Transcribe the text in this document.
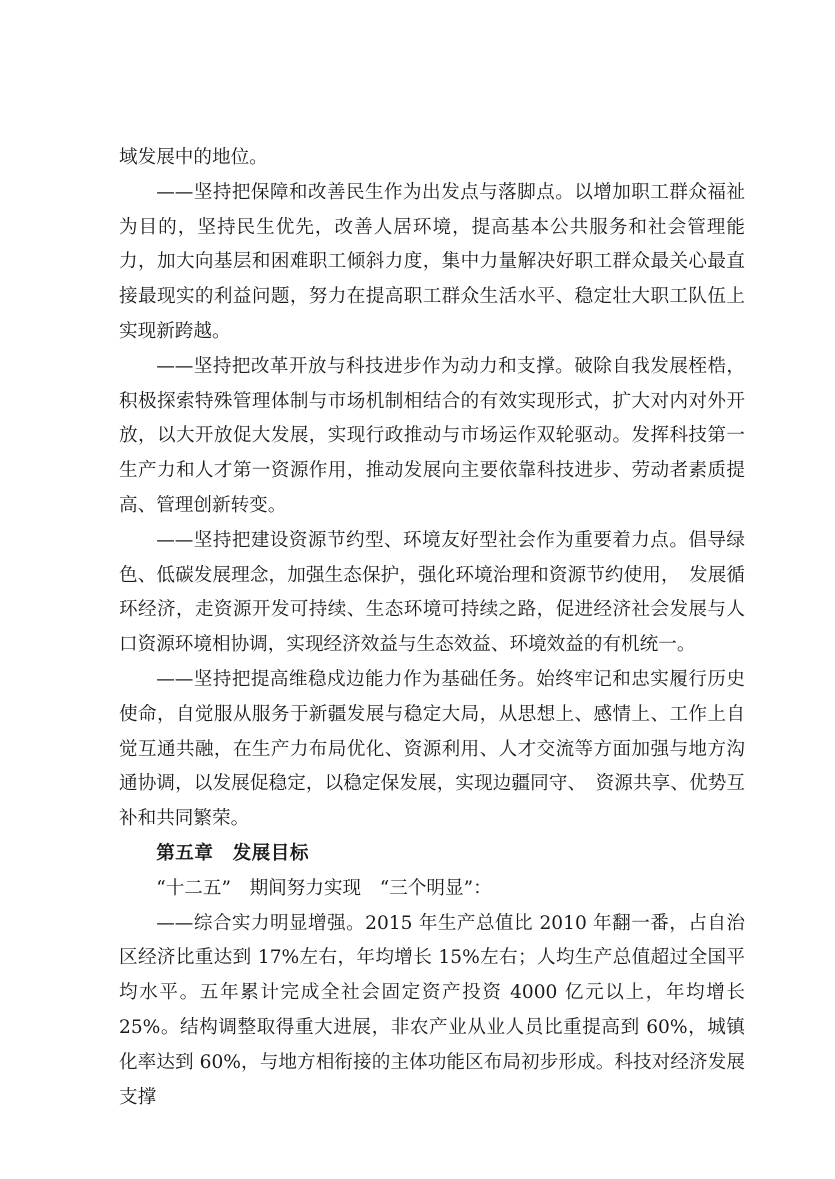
域发展中的地位。

——坚持把保障和改善民生作为出发点与落脚点。以增加职工群众福祉为目的，坚持民生优先，改善人居环境，提高基本公共服务和社会管理能力，加大向基层和困难职工倾斜力度，集中力量解决好职工群众最关心最直接最现实的利益问题，努力在提高职工群众生活水平、稳定壮大职工队伍上实现新跨越。

——坚持把改革开放与科技进步作为动力和支撑。破除自我发展桎梏，积极探索特殊管理体制与市场机制相结合的有效实现形式，扩大对内对外开放，以大开放促大发展，实现行政推动与市场运作双轮驱动。发挥科技第一生产力和人才第一资源作用，推动发展向主要依靠科技进步、劳动者素质提高、管理创新转变。

——坚持把建设资源节约型、环境友好型社会作为重要着力点。倡导绿色、低碳发展理念，加强生态保护，强化环境治理和资源节约使用，　发展循环经济，走资源开发可持续、生态环境可持续之路，促进经济社会发展与人口资源环境相协调，实现经济效益与生态效益、环境效益的有机统一。

——坚持把提高维稳戍边能力作为基础任务。始终牢记和忠实履行历史使命，自觉服从服务于新疆发展与稳定大局，从思想上、感情上、工作上自觉互通共融，在生产力布局优化、资源利用、人才交流等方面加强与地方沟通协调，以发展促稳定，以稳定保发展，实现边疆同守、　资源共享、优势互补和共同繁荣。

第五章　发展目标

“十二五”　期间努力实现　“三个明显”：

——综合实力明显增强。2015 年生产总值比 2010 年翻一番，占自治区经济比重达到 17%左右，年均增长 15%左右；人均生产总值超过全国平均水平。五年累计完成全社会固定资产投资 4000 亿元以上，年均增长 25%。结构调整取得重大进展，非农产业从业人员比重提高到 60%，城镇化率达到 60%，与地方相衔接的主体功能区布局初步形成。科技对经济发展支撑
